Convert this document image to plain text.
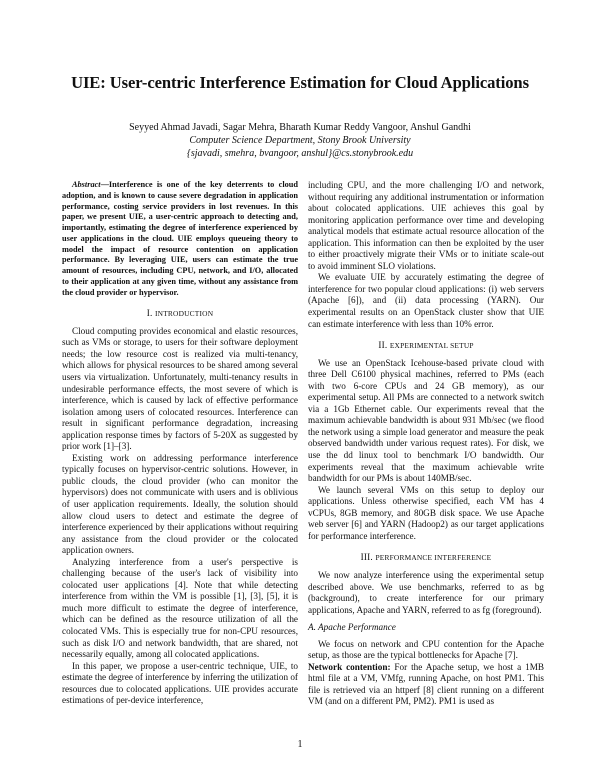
UIE: User-centric Interference Estimation for Cloud Applications
Seyyed Ahmad Javadi, Sagar Mehra, Bharath Kumar Reddy Vangoor, Anshul Gandhi
Computer Science Department, Stony Brook University
{sjavadi, smehra, bvangoor, anshul}@cs.stonybrook.edu

Abstract—Interference is one of the key deterrents to cloud adoption, and is known to cause severe degradation in application performance, costing service providers in lost revenues. In this paper, we present UIE, a user-centric approach to detecting and, importantly, estimating the degree of interference experienced by user applications in the cloud. UIE employs queueing theory to model the impact of resource contention on application performance. By leveraging UIE, users can estimate the true amount of resources, including CPU, network, and I/O, allocated to their application at any given time, without any assistance from the cloud provider or hypervisor.

I. INTRODUCTION

Cloud computing provides economical and elastic resources, such as VMs or storage, to users for their software deployment needs; the low resource cost is realized via multi-tenancy, which allows for physical resources to be shared among several users via virtualization. Unfortunately, multi-tenancy results in undesirable performance effects, the most severe of which is interference, which is caused by lack of effective performance isolation among users of colocated resources. Interference can result in significant performance degradation, increasing application response times by factors of 5-20X as suggested by prior work [1]–[3].

Existing work on addressing performance interference typically focuses on hypervisor-centric solutions. However, in public clouds, the cloud provider (who can monitor the hypervisors) does not communicate with users and is oblivious of user application requirements. Ideally, the solution should allow cloud users to detect and estimate the degree of interference experienced by their applications without requiring any assistance from the cloud provider or the colocated application owners.

Analyzing interference from a user's perspective is challenging because of the user's lack of visibility into colocated user applications [4]. Note that while detecting interference from within the VM is possible [1], [3], [5], it is much more difficult to estimate the degree of interference, which can be defined as the resource utilization of all the colocated VMs. This is especially true for non-CPU resources, such as disk I/O and network bandwidth, that are shared, not necessarily equally, among all colocated applications.

In this paper, we propose a user-centric technique, UIE, to estimate the degree of interference by inferring the utilization of resources due to colocated applications. UIE provides accurate estimations of per-device interference,

including CPU, and the more challenging I/O and network, without requiring any additional instrumentation or information about colocated applications. UIE achieves this goal by monitoring application performance over time and developing analytical models that estimate actual resource allocation of the application. This information can then be exploited by the user to either proactively migrate their VMs or to initiate scale-out to avoid imminent SLO violations.

We evaluate UIE by accurately estimating the degree of interference for two popular cloud applications: (i) web servers (Apache [6]), and (ii) data processing (YARN). Our experimental results on an OpenStack cluster show that UIE can estimate interference with less than 10% error.

II. EXPERIMENTAL SETUP

We use an OpenStack Icehouse-based private cloud with three Dell C6100 physical machines, referred to PMs (each with two 6-core CPUs and 24 GB memory), as our experimental setup. All PMs are connected to a network switch via a 1Gb Ethernet cable. Our experiments reveal that the maximum achievable bandwidth is about 931 Mb/sec (we flood the network using a simple load generator and measure the peak observed bandwidth under various request rates). For disk, we use the dd linux tool to benchmark I/O bandwidth. Our experiments reveal that the maximum achievable write bandwidth for our PMs is about 140MB/sec.

We launch several VMs on this setup to deploy our applications. Unless otherwise specified, each VM has 4 vCPUs, 8GB memory, and 80GB disk space. We use Apache web server [6] and YARN (Hadoop2) as our target applications for performance interference.

III. PERFORMANCE INTERFERENCE

We now analyze interference using the experimental setup described above. We use benchmarks, referred to as bg (background), to create interference for our primary applications, Apache and YARN, referred to as fg (foreground).

A. Apache Performance

We focus on network and CPU contention for the Apache setup, as those are the typical bottlenecks for Apache [7].

Network contention: For the Apache setup, we host a 1MB html file at a VM, VMfg, running Apache, on host PM1. This file is retrieved via an httperf [8] client running on a different VM (and on a different PM, PM2). PM1 is used as

1
